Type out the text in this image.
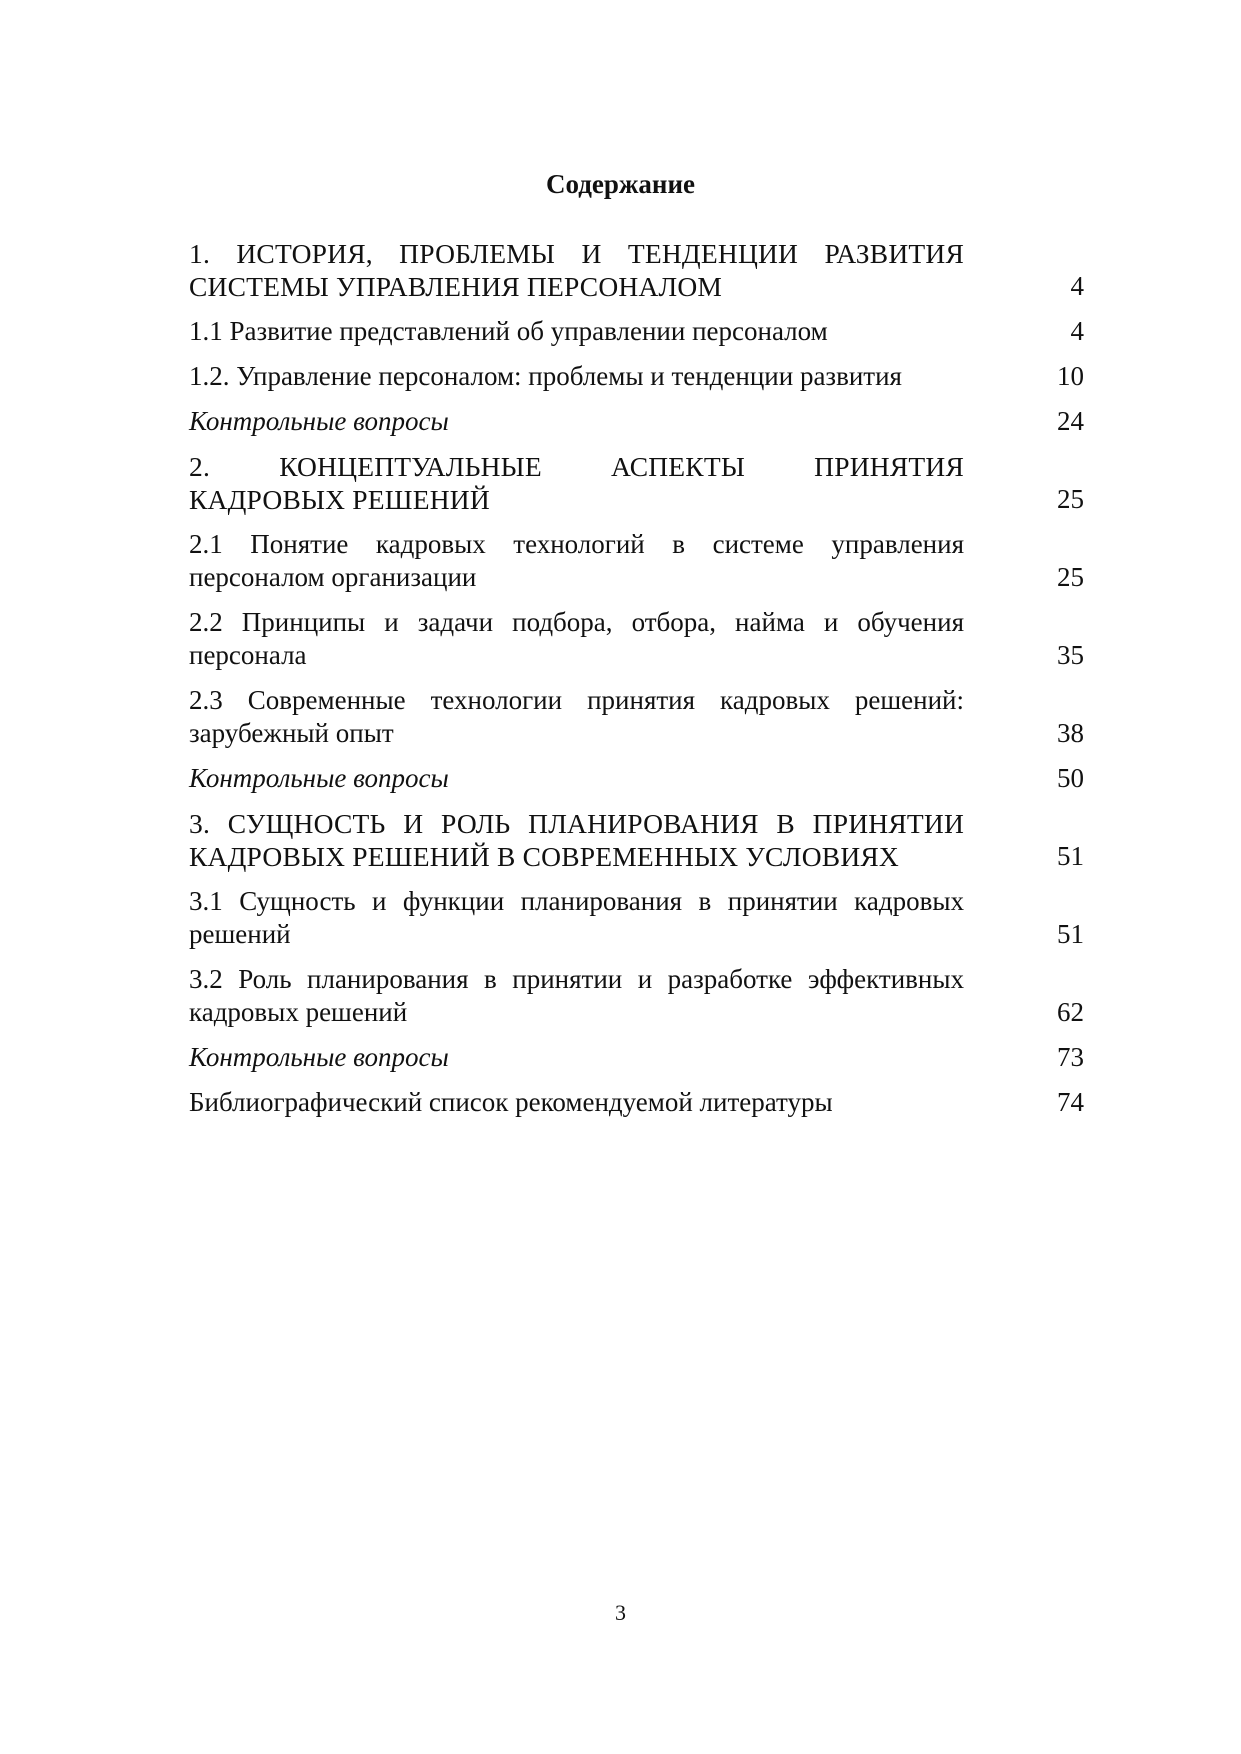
Содержание
1. ИСТОРИЯ, ПРОБЛЕМЫ И ТЕНДЕНЦИИ РАЗВИТИЯ
СИСТЕМЫ УПРАВЛЕНИЯ ПЕРСОНАЛОМ	4
1.1 Развитие представлений об управлении персоналом	4
1.2. Управление персоналом: проблемы и тенденции развития	10
Контрольные вопросы	24
2. КОНЦЕПТУАЛЬНЫЕ АСПЕКТЫ ПРИНЯТИЯ
КАДРОВЫХ РЕШЕНИЙ	25
2.1 Понятие кадровых технологий в системе управления
персоналом организации	25
2.2 Принципы и задачи подбора, отбора, найма и обучения
персонала	35
2.3 Современные технологии принятия кадровых решений:
зарубежный опыт	38
Контрольные вопросы	50
3. СУЩНОСТЬ И РОЛЬ ПЛАНИРОВАНИЯ В ПРИНЯТИИ
КАДРОВЫХ РЕШЕНИЙ В СОВРЕМЕННЫХ УСЛОВИЯХ	51
3.1 Сущность и функции планирования в принятии кадровых
решений	51
3.2 Роль планирования в принятии и разработке эффективных
кадровых решений	62
Контрольные вопросы	73
Библиографический список рекомендуемой литературы	74
3
